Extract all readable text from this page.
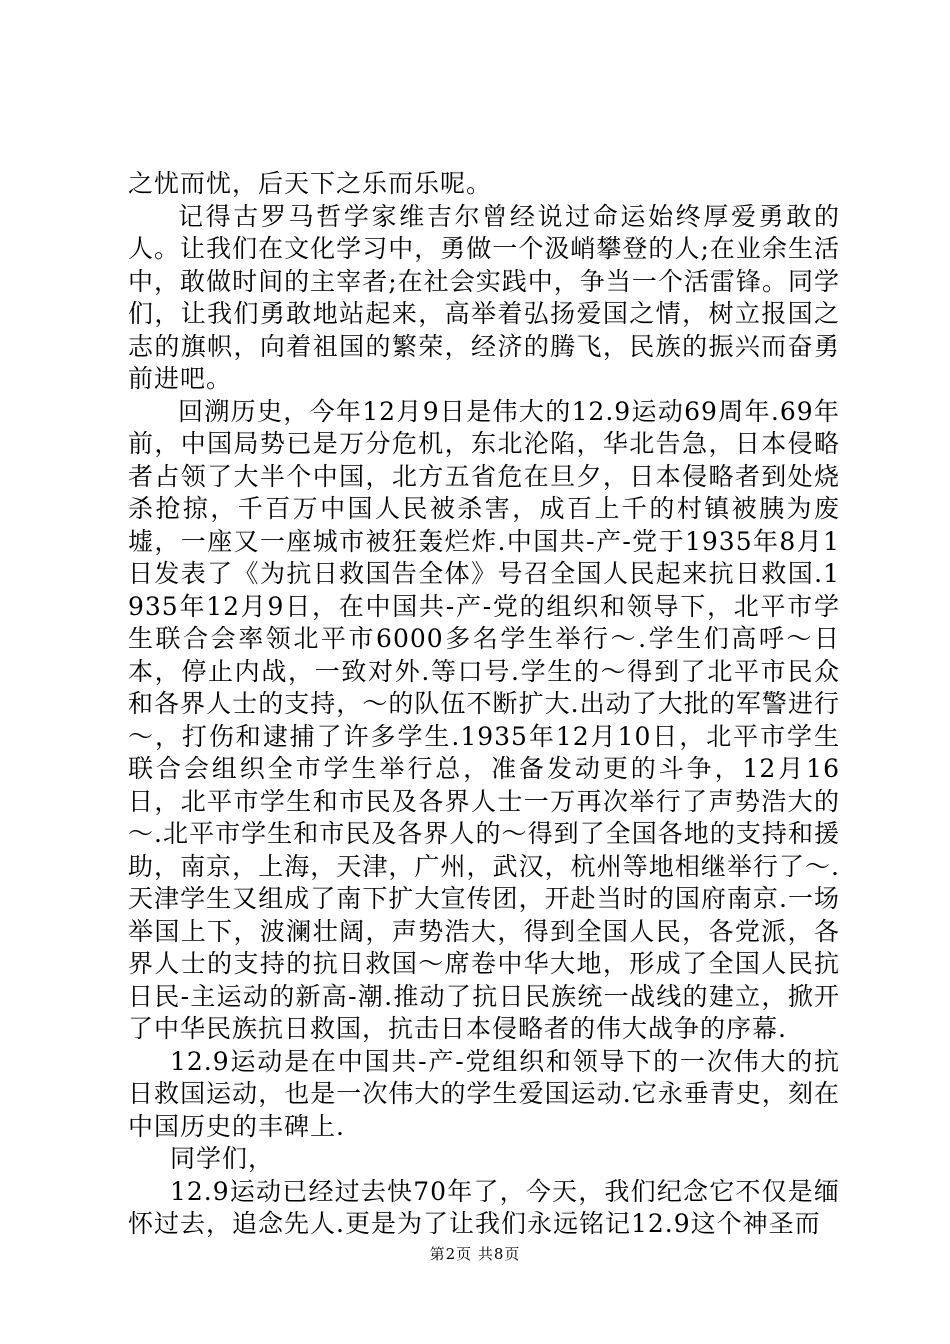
之忧而忧，后天下之乐而乐呢。

记得古罗马哲学家维吉尔曾经说过命运始终厚爱勇敢的人。让我们在文化学习中，勇做一个汲峭攀登的人;在业余生活中，敢做时间的主宰者;在社会实践中，争当一个活雷锋。同学们，让我们勇敢地站起来，高举着弘扬爱国之情，树立报国之志的旗帜，向着祖国的繁荣，经济的腾飞，民族的振兴而奋勇前进吧。

回溯历史，今年12月9日是伟大的12.9运动69周年.69年前，中国局势已是万分危机，东北沦陷，华北告急，日本侵略者占领了大半个中国，北方五省危在旦夕，日本侵略者到处烧杀抢掠，千百万中国人民被杀害，成百上千的村镇被胰为废墟，一座又一座城市被狂轰烂炸.中国共-产-党于1935年8月1日发表了《为抗日救国告全体》号召全国人民起来抗日救国.1935年12月9日，在中国共-产-党的组织和领导下，北平市学生联合会率领北平市6000多名学生举行～.学生们高呼～日本，停止内战，一致对外.等口号.学生的～得到了北平市民众和各界人士的支持，～的队伍不断扩大.出动了大批的军警进行～，打伤和逮捕了许多学生.1935年12月10日，北平市学生联合会组织全市学生举行总，准备发动更的斗争，12月16日，北平市学生和市民及各界人士一万再次举行了声势浩大的～.北平市学生和市民及各界人的～得到了全国各地的支持和援助，南京，上海，天津，广州，武汉，杭州等地相继举行了～.天津学生又组成了南下扩大宣传团，开赴当时的国府南京.一场举国上下，波澜壮阔，声势浩大，得到全国人民，各党派，各界人士的支持的抗日救国～席卷中华大地，形成了全国人民抗日民-主运动的新高-潮.推动了抗日民族统一战线的建立，掀开了中华民族抗日救国，抗击日本侵略者的伟大战争的序幕.

12.9运动是在中国共-产-党组织和领导下的一次伟大的抗日救国运动，也是一次伟大的学生爱国运动.它永垂青史，刻在中国历史的丰碑上.

同学们，

12.9运动已经过去快70年了，今天，我们纪念它不仅是缅怀过去，追念先人.更是为了让我们永远铭记12.9这个神圣而

第2页 共8页
